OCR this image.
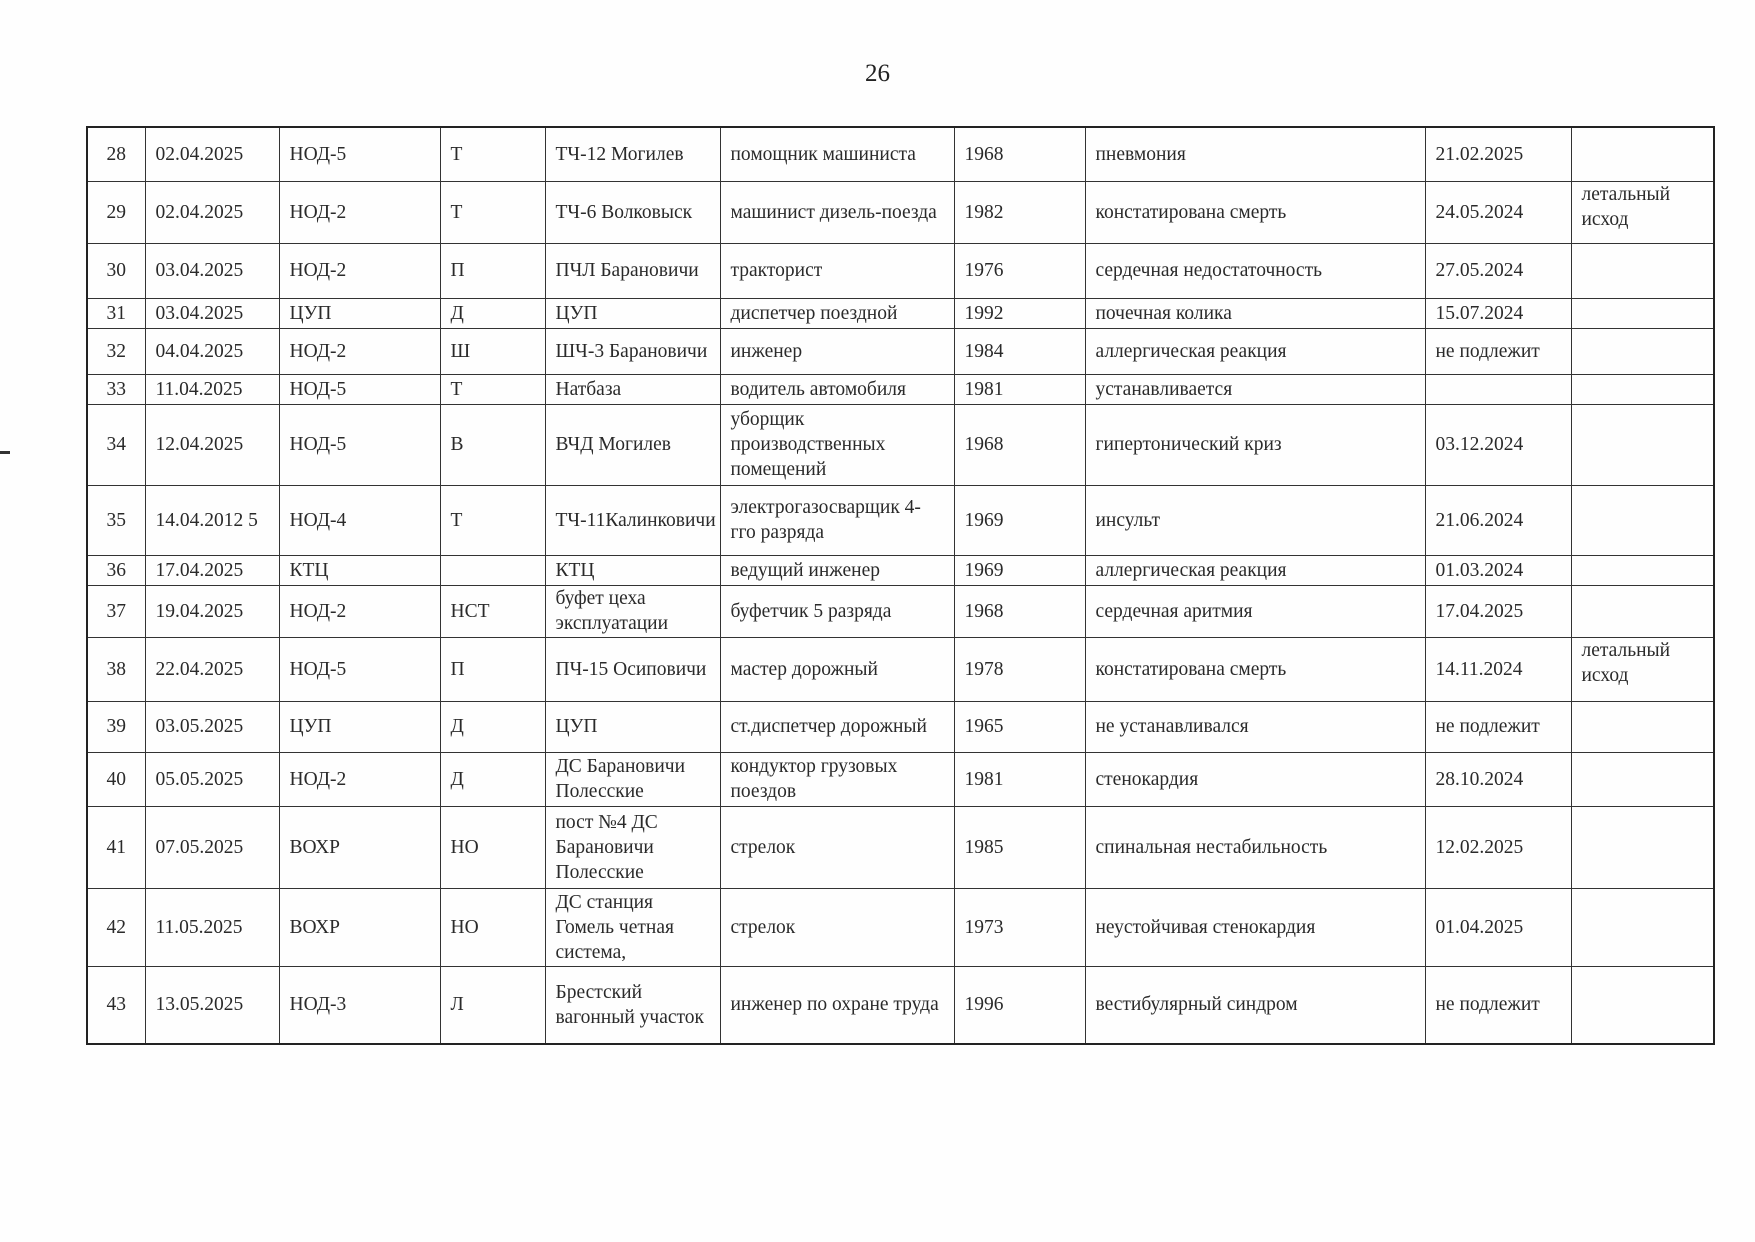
26
28	02.04.2025	НОД-5	Т	ТЧ-12 Могилев	помощник машиниста	1968	пневмония	21.02.2025	
29	02.04.2025	НОД-2	Т	ТЧ-6 Волковыск	машинист дизель-поезда	1982	констатирована смерть	24.05.2024	летальный исход
30	03.04.2025	НОД-2	П	ПЧЛ Барановичи	тракторист	1976	сердечная недостаточность	27.05.2024	
31	03.04.2025	ЦУП	Д	ЦУП	диспетчер поездной	1992	почечная колика	15.07.2024	
32	04.04.2025	НОД-2	Ш	ШЧ-3 Барановичи	инженер	1984	аллергическая реакция	не подлежит	
33	11.04.2025	НОД-5	Т	Натбаза	водитель автомобиля	1981	устанавливается		
34	12.04.2025	НОД-5	В	ВЧД Могилев	уборщик производственных помещений	1968	гипертонический криз	03.12.2024	
35	14.04.2012 5	НОД-4	Т	ТЧ-11Калинковичи	электрогазосварщик 4-гго разряда	1969	инсульт	21.06.2024	
36	17.04.2025	КТЦ		КТЦ	ведущий инженер	1969	аллергическая реакция	01.03.2024	
37	19.04.2025	НОД-2	НСТ	буфет цеха эксплуатации	буфетчик 5 разряда	1968	сердечная аритмия	17.04.2025	
38	22.04.2025	НОД-5	П	ПЧ-15 Осиповичи	мастер дорожный	1978	констатирована смерть	14.11.2024	летальный исход
39	03.05.2025	ЦУП	Д	ЦУП	ст.диспетчер дорожный	1965	не устанавливался	не подлежит	
40	05.05.2025	НОД-2	Д	ДС Барановичи Полесские	кондуктор грузовых поездов	1981	стенокардия	28.10.2024	
41	07.05.2025	ВОХР	НО	пост №4 ДС Барановичи Полесские	стрелок	1985	спинальная нестабильность	12.02.2025	
42	11.05.2025	ВОХР	НО	ДС станция Гомель четная система,	стрелок	1973	неустойчивая стенокардия	01.04.2025	
43	13.05.2025	НОД-3	Л	Брестский вагонный участок	инженер по охране труда	1996	вестибулярный синдром	не подлежит	
